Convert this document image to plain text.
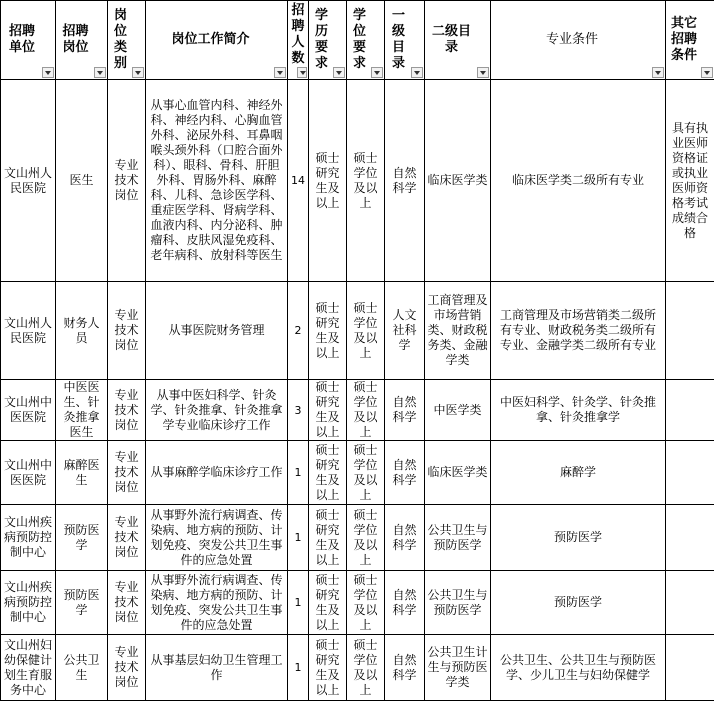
招聘单位	招聘岗位	岗位类别	岗位工作简介	招聘人数	学历要求	学位要求	一级目录	二级目录	专业条件	其它招聘条件

文山州人民医院	医生	专业技术岗位	从事心血管内科、神经外科、神经内科、心胸血管外科、泌尿外科、耳鼻咽喉头颈外科（口腔合面外科）、眼科、骨科、肝胆外科、胃肠外科、麻醉科、儿科、急诊医学科、重症医学科、肾病学科、血液内科、内分泌科、肿瘤科、皮肤风湿免疫科、老年病科、放射科等医生	14	硕士研究生及以上	硕士学位及以上	自然科学	临床医学类	临床医学类二级所有专业	具有执业医师资格证或执业医师资格考试成绩合格

文山州人民医院	财务人员	专业技术岗位	从事医院财务管理	2	硕士研究生及以上	硕士学位及以上	人文社科学	工商管理及市场营销类、财政税务类、金融学类	工商管理及市场营销类二级所有专业、财政税务类二级所有专业、金融学类二级所有专业	

文山州中医医院	中医医生、针灸推拿医生	专业技术岗位	从事中医妇科学、针灸学、针灸推拿、针灸推拿学专业临床诊疗工作	3	硕士研究生及以上	硕士学位及以上	自然科学	中医学类	中医妇科学、针灸学、针灸推拿、针灸推拿学	

文山州中医医院	麻醉医生	专业技术岗位	从事麻醉学临床诊疗工作	1	硕士研究生及以上	硕士学位及以上	自然科学	临床医学类	麻醉学	

文山州疾病预防控制中心	预防医学	专业技术岗位	从事野外流行病调查、传染病、地方病的预防、计划免疫、突发公共卫生事件的应急处置	1	硕士研究生及以上	硕士学位及以上	自然科学	公共卫生与预防医学	预防医学	

文山州疾病预防控制中心	预防医学	专业技术岗位	从事野外流行病调查、传染病、地方病的预防、计划免疫、突发公共卫生事件的应急处置	1	硕士研究生及以上	硕士学位及以上	自然科学	公共卫生与预防医学	预防医学	

文山州妇幼保健计划生育服务中心	公共卫生	专业技术岗位	从事基层妇幼卫生管理工作	1	硕士研究生及以上	硕士学位及以上	自然科学	公共卫生计生与预防医学类	公共卫生、公共卫生与预防医学、少儿卫生与妇幼保健学	
